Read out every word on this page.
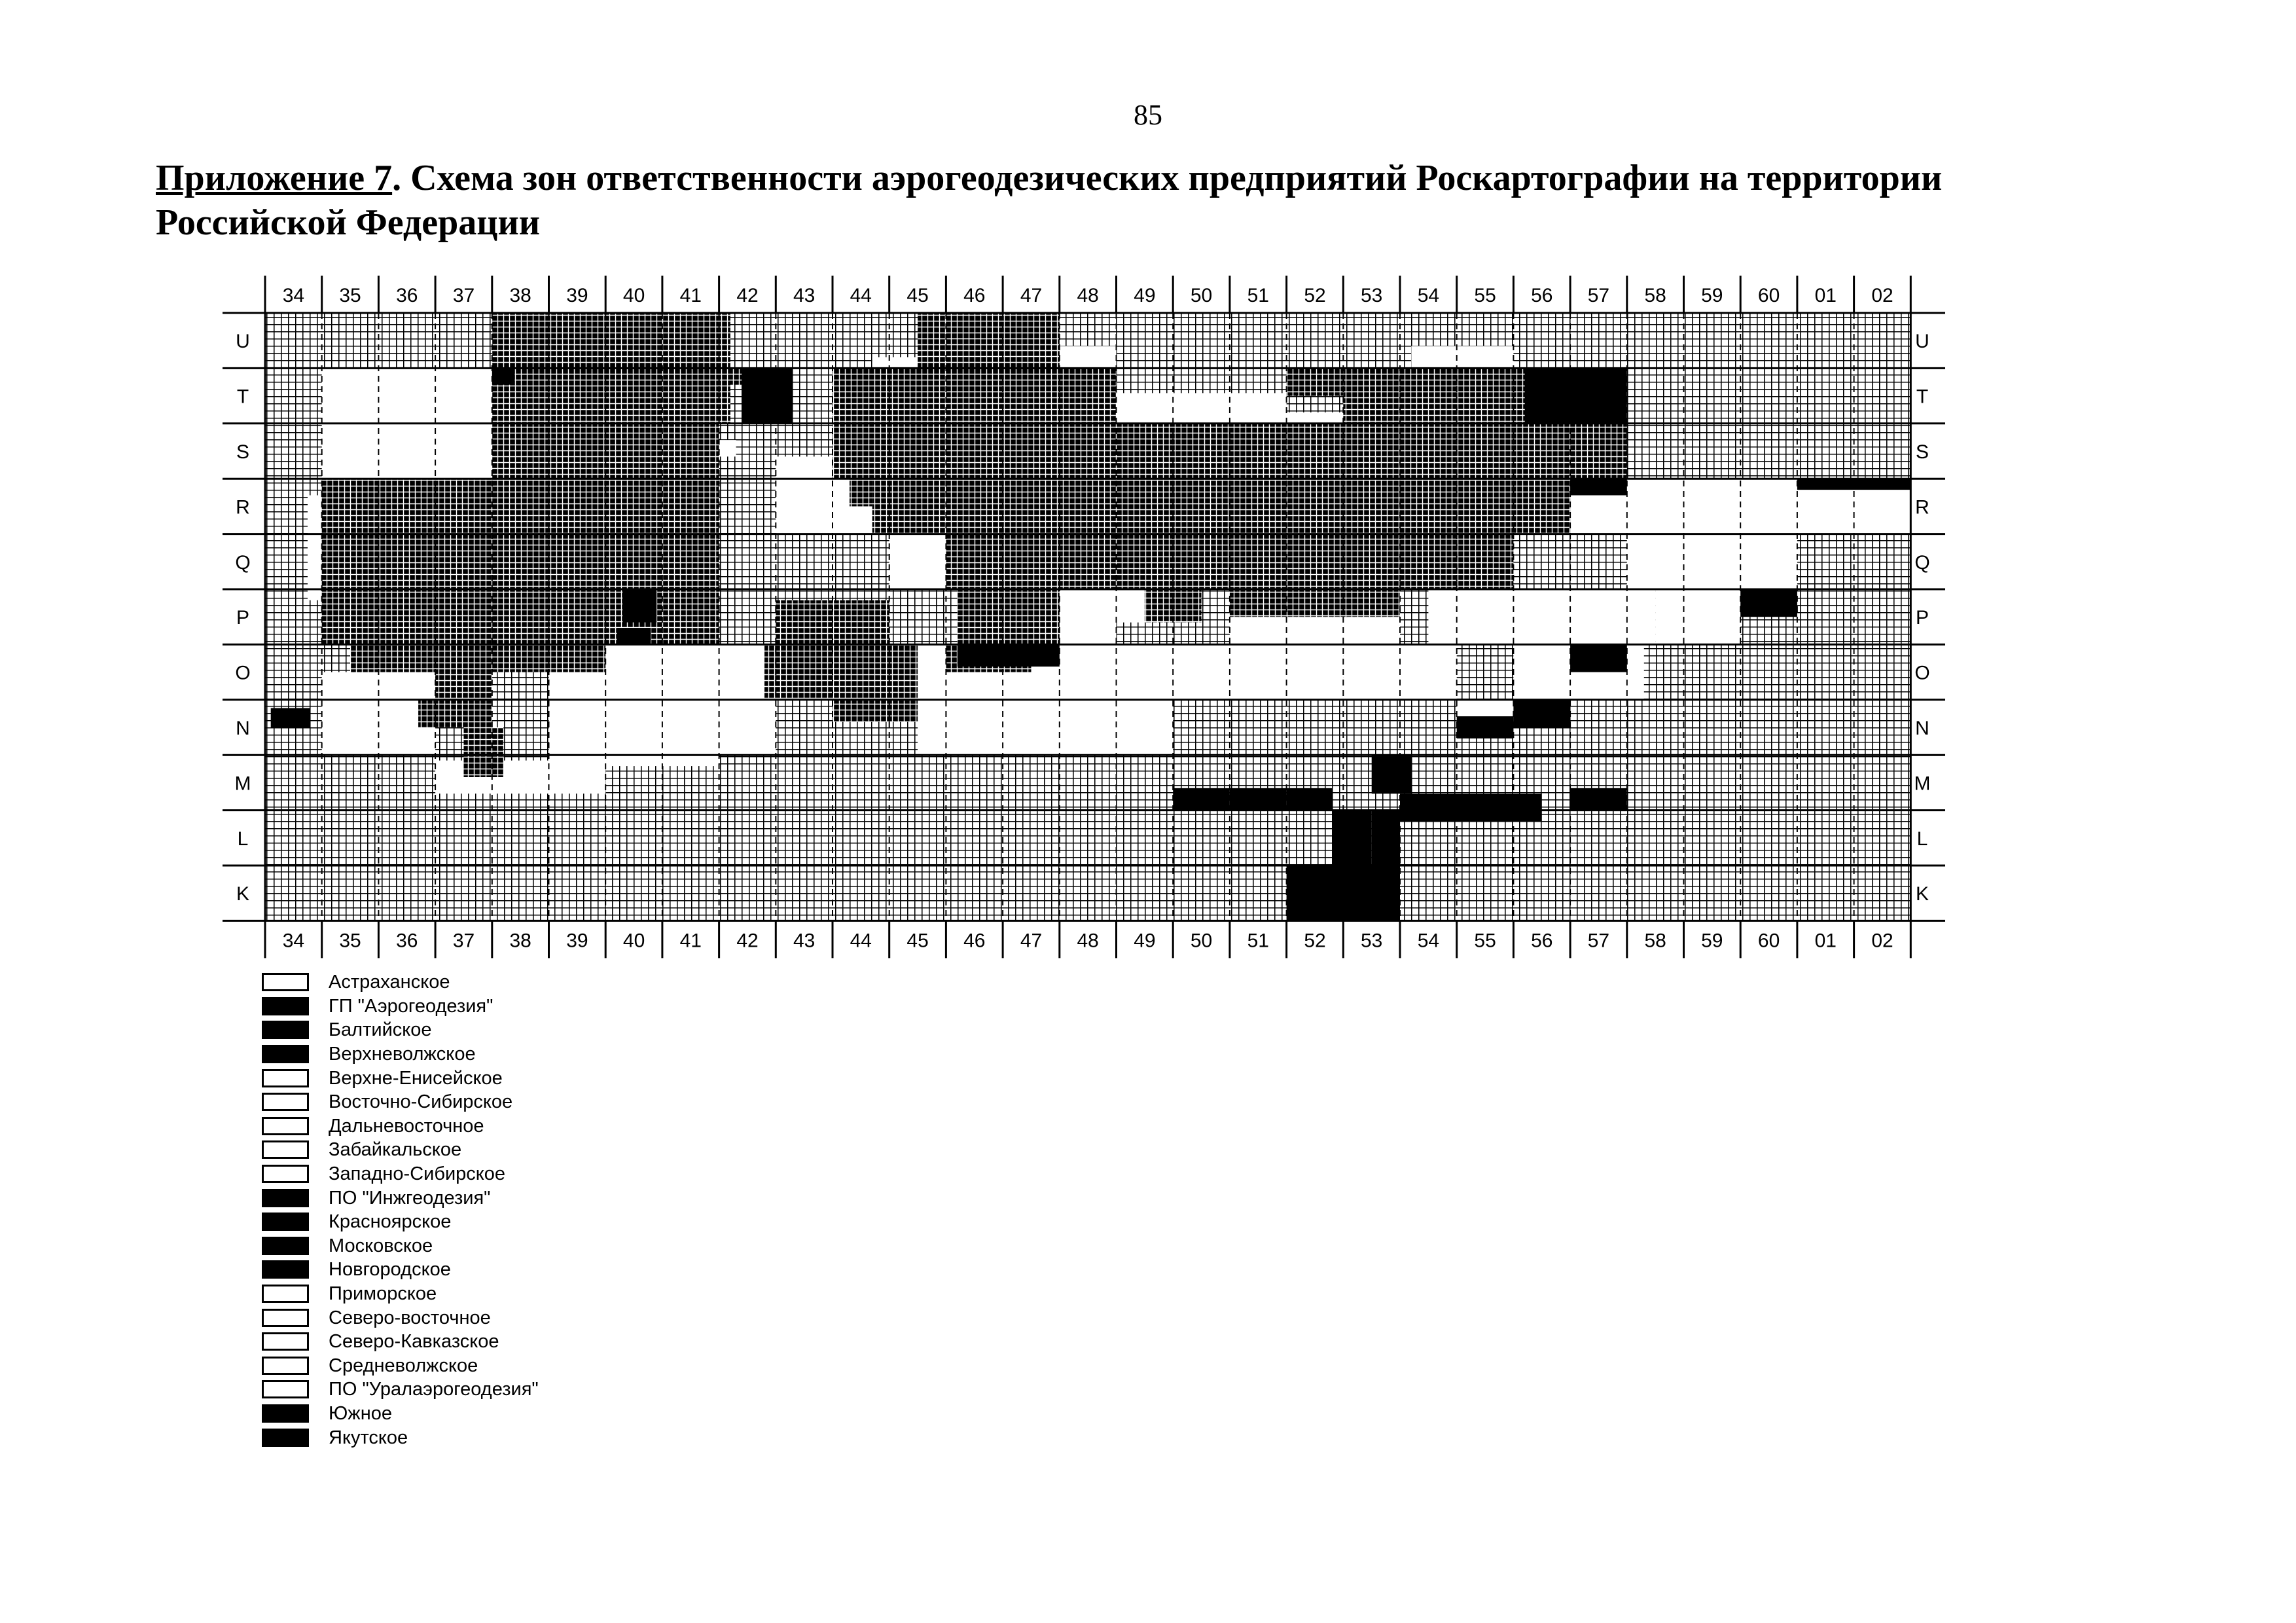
85
Приложение 7. Схема зон ответственности аэрогеодезических предприятий Роскартографии на территории
Российской Федерации
34
34
35
35
36
36
37
37
38
38
39
39
40
40
41
41
42
42
43
43
44
44
45
45
46
46
47
47
48
48
49
49
50
50
51
51
52
52
53
53
54
54
55
55
56
56
57
57
58
58
59
59
60
60
01
01
02
02
U	U
T	T
S	S
R	R
Q	Q
P	P
O	O
N	N
M	M
L	L
K	K
Астраханское
ГП "Аэрогеодезия"
Балтийское
Верхневолжское
Верхне-Енисейское
Восточно-Сибирское
Дальневосточное
Забайкальское
Западно-Сибирское
ПО "Инжгеодезия"
Красноярское
Московское
Новгородское
Приморское
Северо-восточное
Северо-Кавказское
Средневолжское
ПО "Уралаэрогеодезия"
Южное
Якутское
